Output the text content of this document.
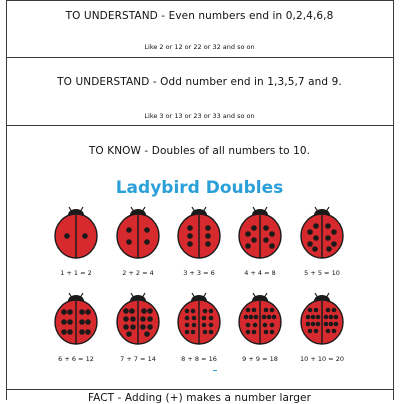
TO UNDERSTAND - Even numbers end in 0,2,4,6,8
Like 2 or 12 or 22 or 32 and so on
TO UNDERSTAND - Odd number end in 1,3,5,7 and 9.
Like 3 or 13 or 23 or 33 and so on
TO KNOW - Doubles of all numbers to 10.
Ladybird Doubles
1 + 1 = 2	2 + 2 = 4	3 + 3 = 6	4 + 4 = 8	5 + 5 = 10
6 + 6 = 12	7 + 7 = 14	8 + 8 = 16	9 + 9 = 18	10 + 10 = 20
FACT - Adding (+) makes a number larger
